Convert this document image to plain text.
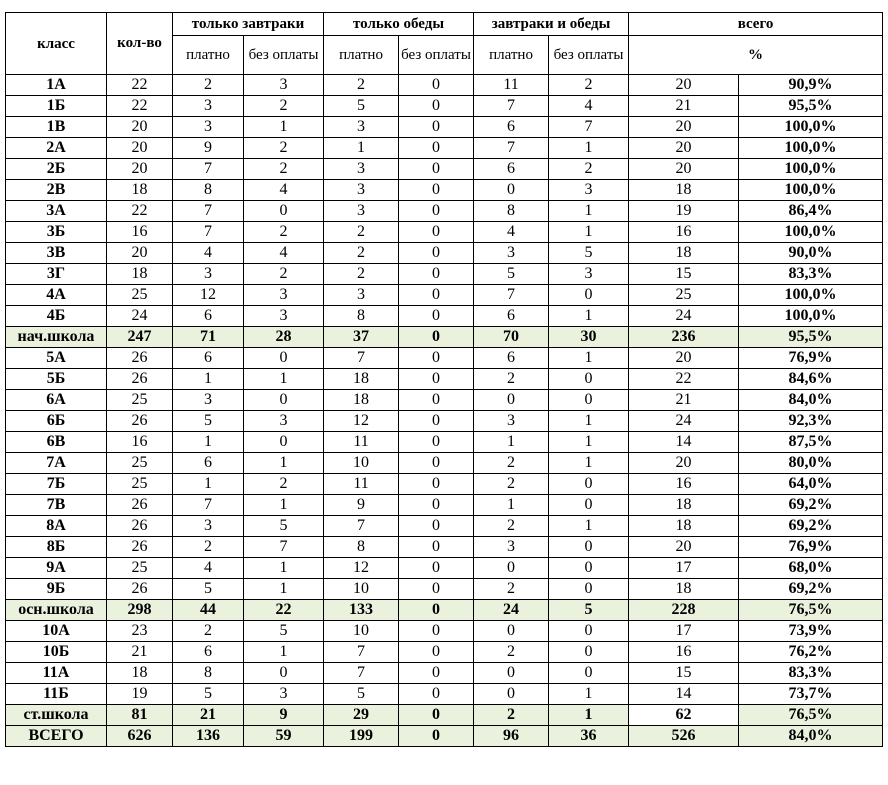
класс	кол-во	только завтраки		только обеды		завтраки и обеды		всего	
		платно	без оплаты	платно	без оплаты	платно	без оплаты	%	
1А	22	2	3	2	0	11	2	20	90,9%
1Б	22	3	2	5	0	7	4	21	95,5%
1В	20	3	1	3	0	6	7	20	100,0%
2А	20	9	2	1	0	7	1	20	100,0%
2Б	20	7	2	3	0	6	2	20	100,0%
2В	18	8	4	3	0	0	3	18	100,0%
3А	22	7	0	3	0	8	1	19	86,4%
3Б	16	7	2	2	0	4	1	16	100,0%
3В	20	4	4	2	0	3	5	18	90,0%
3Г	18	3	2	2	0	5	3	15	83,3%
4А	25	12	3	3	0	7	0	25	100,0%
4Б	24	6	3	8	0	6	1	24	100,0%
нач.школа	247	71	28	37	0	70	30	236	95,5%
5А	26	6	0	7	0	6	1	20	76,9%
5Б	26	1	1	18	0	2	0	22	84,6%
6А	25	3	0	18	0	0	0	21	84,0%
6Б	26	5	3	12	0	3	1	24	92,3%
6В	16	1	0	11	0	1	1	14	87,5%
7А	25	6	1	10	0	2	1	20	80,0%
7Б	25	1	2	11	0	2	0	16	64,0%
7В	26	7	1	9	0	1	0	18	69,2%
8А	26	3	5	7	0	2	1	18	69,2%
8Б	26	2	7	8	0	3	0	20	76,9%
9А	25	4	1	12	0	0	0	17	68,0%
9Б	26	5	1	10	0	2	0	18	69,2%
осн.школа	298	44	22	133	0	24	5	228	76,5%
10А	23	2	5	10	0	0	0	17	73,9%
10Б	21	6	1	7	0	2	0	16	76,2%
11А	18	8	0	7	0	0	0	15	83,3%
11Б	19	5	3	5	0	0	1	14	73,7%
ст.школа	81	21	9	29	0	2	1	62	76,5%
ВСЕГО	626	136	59	199	0	96	36	526	84,0%
